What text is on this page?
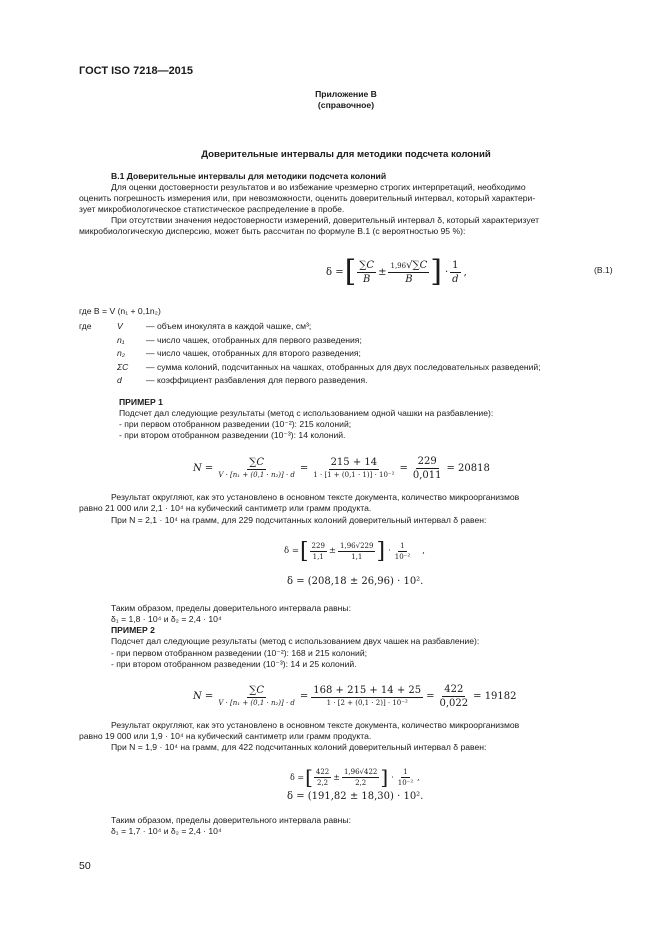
ГОСТ ISO 7218—2015
Приложение В
(справочное)
Доверительные интервалы для методики подсчета колоний
В.1 Доверительные интервалы для методики подсчета колоний
Для оценки достоверности результатов и во избежание чрезмерно строгих интерпретаций, необходимо
оценить погрешность измерения или, при невозможности, оценить доверительный интервал, который характери-
зует микробиологическое статистическое распределение в пробе.
При отсутствии значения недостоверности измерений, доверительный интервал δ, который характеризует
микробиологическую дисперсию, может быть рассчитан по формуле В.1 (с вероятностью 95 %):
δ = [ $\frac{\sum C}{B} \pm \frac{1,96√\sum C}{B}$ ] · $\frac{1}{d}$ ,	(В.1)
где B = V (n₁ + 0,1n₂)
где	V	— объем инокулята в каждой чашке, см³;
n₁	— число чашек, отобранных для первого разведения;
n₂ — число чашек, отобранных для второго разведения;
ΣC — сумма колоний, подсчитанных на чашках, отобранных для двух последовательных разведений;
d	— коэффициент разбавления для первого разведения.
ПРИМЕР 1
Подсчет дал следующие результаты (метод с использованием одной чашки на разбавление):
- при первом отобранном разведении (10⁻²): 215 колоний;
- при втором отобранном разведении (10⁻³): 14 колоний.
$N = \frac{\sum C}{\text{V · [n₁ + (0,1 · n₂)] · d}} = \frac{215 + 14}{\text{1 · [1 + (0,1 · 1)] · 10⁻²}} = \frac{229}{0,011} = 20818$
Результат округляют, как это установлено в основном тексте документа, количество микроорганизмов
равно 21 000 или 2,1 · 10⁴ на кубический сантиметр или грамм продукта.
При N = 2,1 · 10⁴ на грамм, для 229 подсчитанных колоний доверительный интервал δ равен:
δ = [ $\frac{229}{1,1} \pm \frac{1,96√229}{1,1}$ ] · $\frac{1}{\text{10⁻²}}$ ,
δ = (208,18 ± 26,96) · 10².
Таким образом, пределы доверительного интервала равны:
δ₁ = 1,8 · 10⁴ и δ₂ = 2,4 · 10⁴
ПРИМЕР 2
Подсчет дал следующие результаты (метод с использованием двух чашек на разбавление):
- при первом отобранном разведении (10⁻²): 168 и 215 колоний;
- при втором отобранном разведении (10⁻³): 14 и 25 колоний.
$N = \frac{\sum C}{\text{V · [n₁ + (0,1 · n₂)] · d}} = \frac{168 + 215 + 14 + 25}{\text{1 · [2 + (0,1 · 2)] · 10⁻²}} = \frac{422}{0,022} = 19182$
Результат округляют, как это установлено в основном тексте документа, количество микроорганизмов
равно 19 000 или 1,9 · 10⁴ на кубический сантиметр или грамм продукта.
При N = 1,9 · 10⁴ на грамм, для 422 подсчитанных колоний доверительный интервал δ равен:
δ = [ $\frac{422}{2,2} \pm \frac{1,96√422}{2,2}$ ] · $\frac{1}{\text{10⁻²}}$ ,
δ = (191,82 ± 18,30) · 10².
Таким образом, пределы доверительного интервала равны:
δ₁ = 1,7 · 10⁴ и δ₂ = 2,4 · 10⁴
50
